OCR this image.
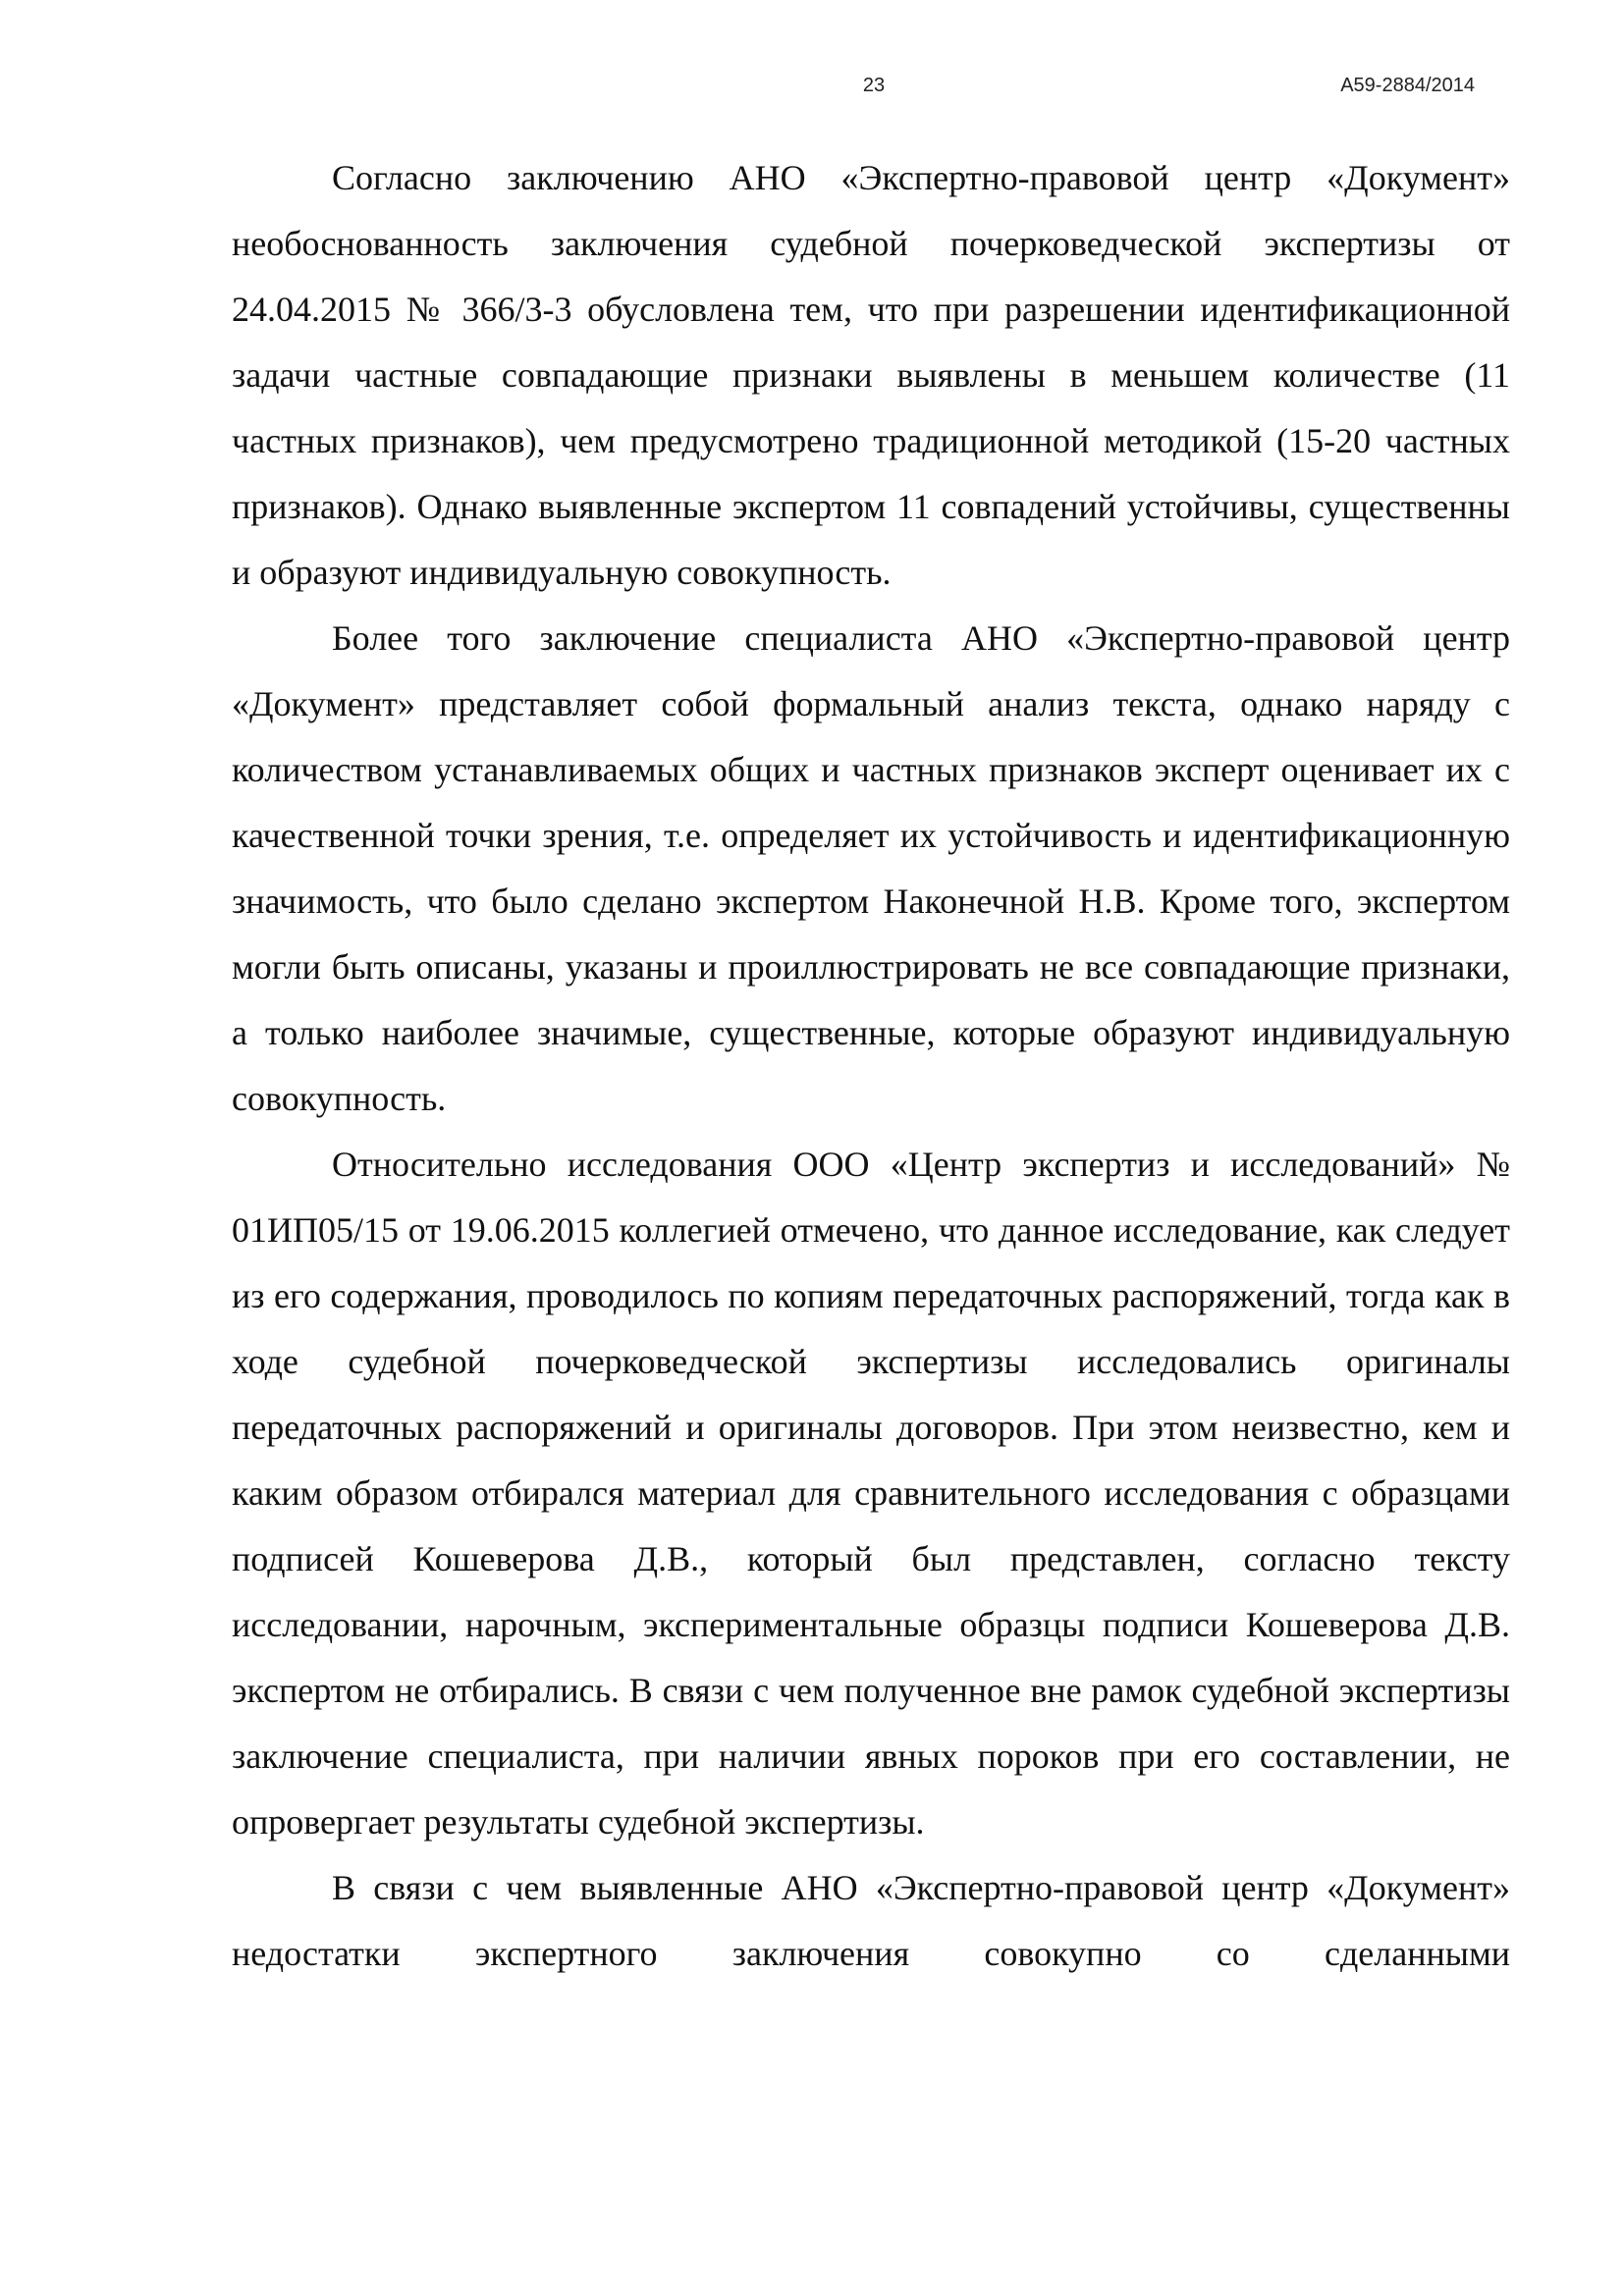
23	А59-2884/2014

Согласно заключению АНО «Экспертно-правовой центр «Документ» необоснованность заключения судебной почерковедческой экспертизы от 24.04.2015 № 366/3-3 обусловлена тем, что при разрешении идентификационной задачи частные совпадающие признаки выявлены в меньшем количестве (11 частных признаков), чем предусмотрено традиционной методикой (15-20 частных признаков). Однако выявленные экспертом 11 совпадений устойчивы, существенны и образуют индивидуальную совокупность.

Более того заключение специалиста АНО «Экспертно-правовой центр «Документ» представляет собой формальный анализ текста, однако наряду с количеством устанавливаемых общих и частных признаков эксперт оценивает их с качественной точки зрения, т.е. определяет их устойчивость и идентификационную значимость, что было сделано экспертом Наконечной Н.В. Кроме того, экспертом могли быть описаны, указаны и проиллюстрировать не все совпадающие признаки, а только наиболее значимые, существенные, которые образуют индивидуальную совокупность.

Относительно исследования ООО «Центр экспертиз и исследований» № 01ИП05/15 от 19.06.2015 коллегией отмечено, что данное исследование, как следует из его содержания, проводилось по копиям передаточных распоряжений, тогда как в ходе судебной почерковедческой экспертизы исследовались оригиналы передаточных распоряжений и оригиналы договоров. При этом неизвестно, кем и каким образом отбирался материал для сравнительного исследования с образцами подписей Кошеверова Д.В., который был представлен, согласно тексту исследовании, нарочным, экспериментальные образцы подписи Кошеверова Д.В. экспертом не отбирались. В связи с чем полученное вне рамок судебной экспертизы заключение специалиста, при наличии явных пороков при его составлении, не опровергает результаты судебной экспертизы.

В связи с чем выявленные АНО «Экспертно-правовой центр «Документ» недостатки экспертного заключения совокупно со сделанными
